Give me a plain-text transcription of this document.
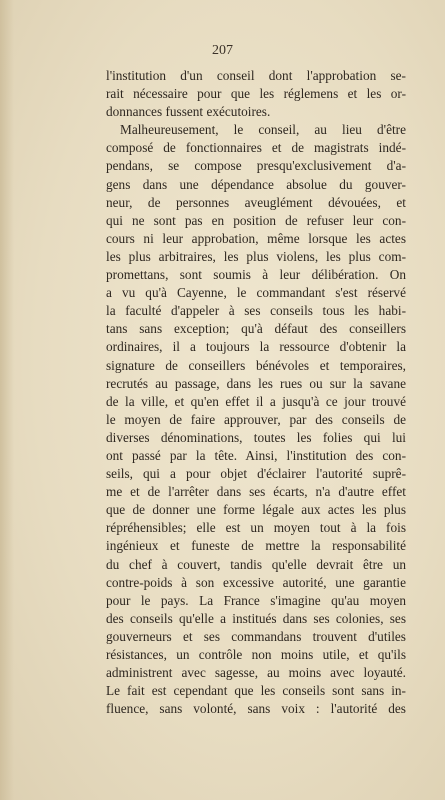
207
l'institution d'un conseil dont l'approbation se-
rait nécessaire pour que les réglemens et les or-
donnances fussent exécutoires.
Malheureusement, le conseil, au lieu d'être
composé de fonctionnaires et de magistrats indé-
pendans, se compose presqu'exclusivement d'a-
gens dans une dépendance absolue du gouver-
neur, de personnes aveuglément dévouées, et
qui ne sont pas en position de refuser leur con-
cours ni leur approbation, même lorsque les actes
les plus arbitraires, les plus violens, les plus com-
promettans, sont soumis à leur délibération. On
a vu qu'à Cayenne, le commandant s'est réservé
la faculté d'appeler à ses conseils tous les habi-
tans sans exception; qu'à défaut des conseillers
ordinaires, il a toujours la ressource d'obtenir la
signature de conseillers bénévoles et temporaires,
recrutés au passage, dans les rues ou sur la savane
de la ville, et qu'en effet il a jusqu'à ce jour trouvé
le moyen de faire approuver, par des conseils de
diverses dénominations, toutes les folies qui lui
ont passé par la tête. Ainsi, l'institution des con-
seils, qui a pour objet d'éclairer l'autorité suprê-
me et de l'arrêter dans ses écarts, n'a d'autre effet
que de donner une forme légale aux actes les plus
répréhensibles; elle est un moyen tout à la fois
ingénieux et funeste de mettre la responsabilité
du chef à couvert, tandis qu'elle devrait être un
contre-poids à son excessive autorité, une garantie
pour le pays. La France s'imagine qu'au moyen
des conseils qu'elle a institués dans ses colonies, ses
gouverneurs et ses commandans trouvent d'utiles
résistances, un contrôle non moins utile, et qu'ils
administrent avec sagesse, au moins avec loyauté.
Le fait est cependant que les conseils sont sans in-
fluence, sans volonté, sans voix : l'autorité des
